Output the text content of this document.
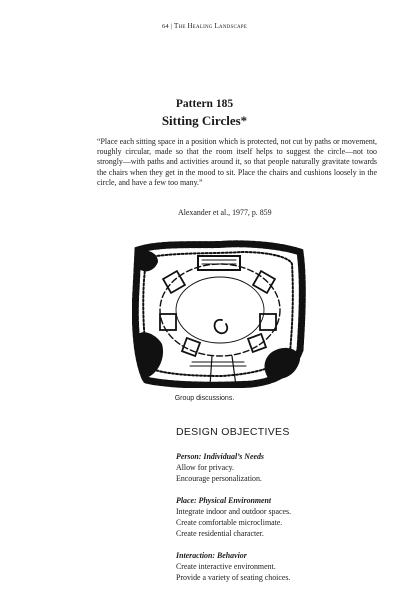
64 | The Healing Landscape
Pattern 185
Sitting Circles*
“Place each sitting space in a position which is protected, not cut by paths or movement, roughly circular, made so that the room itself helps to suggest the circle—not too strongly—with paths and activities around it, so that people naturally gravitate towards the chairs when they get in the mood to sit. Place the chairs and cushions loosely in the circle, and have a few too many.”
Alexander et al., 1977, p. 859
Group discussions.
DESIGN OBJECTIVES
Person: Individual’s Needs
Allow for privacy.
Encourage personalization.
Place: Physical Environment
Integrate indoor and outdoor spaces.
Create comfortable microclimate.
Create residential character.
Interaction: Behavior
Create interactive environment.
Provide a variety of seating choices.
